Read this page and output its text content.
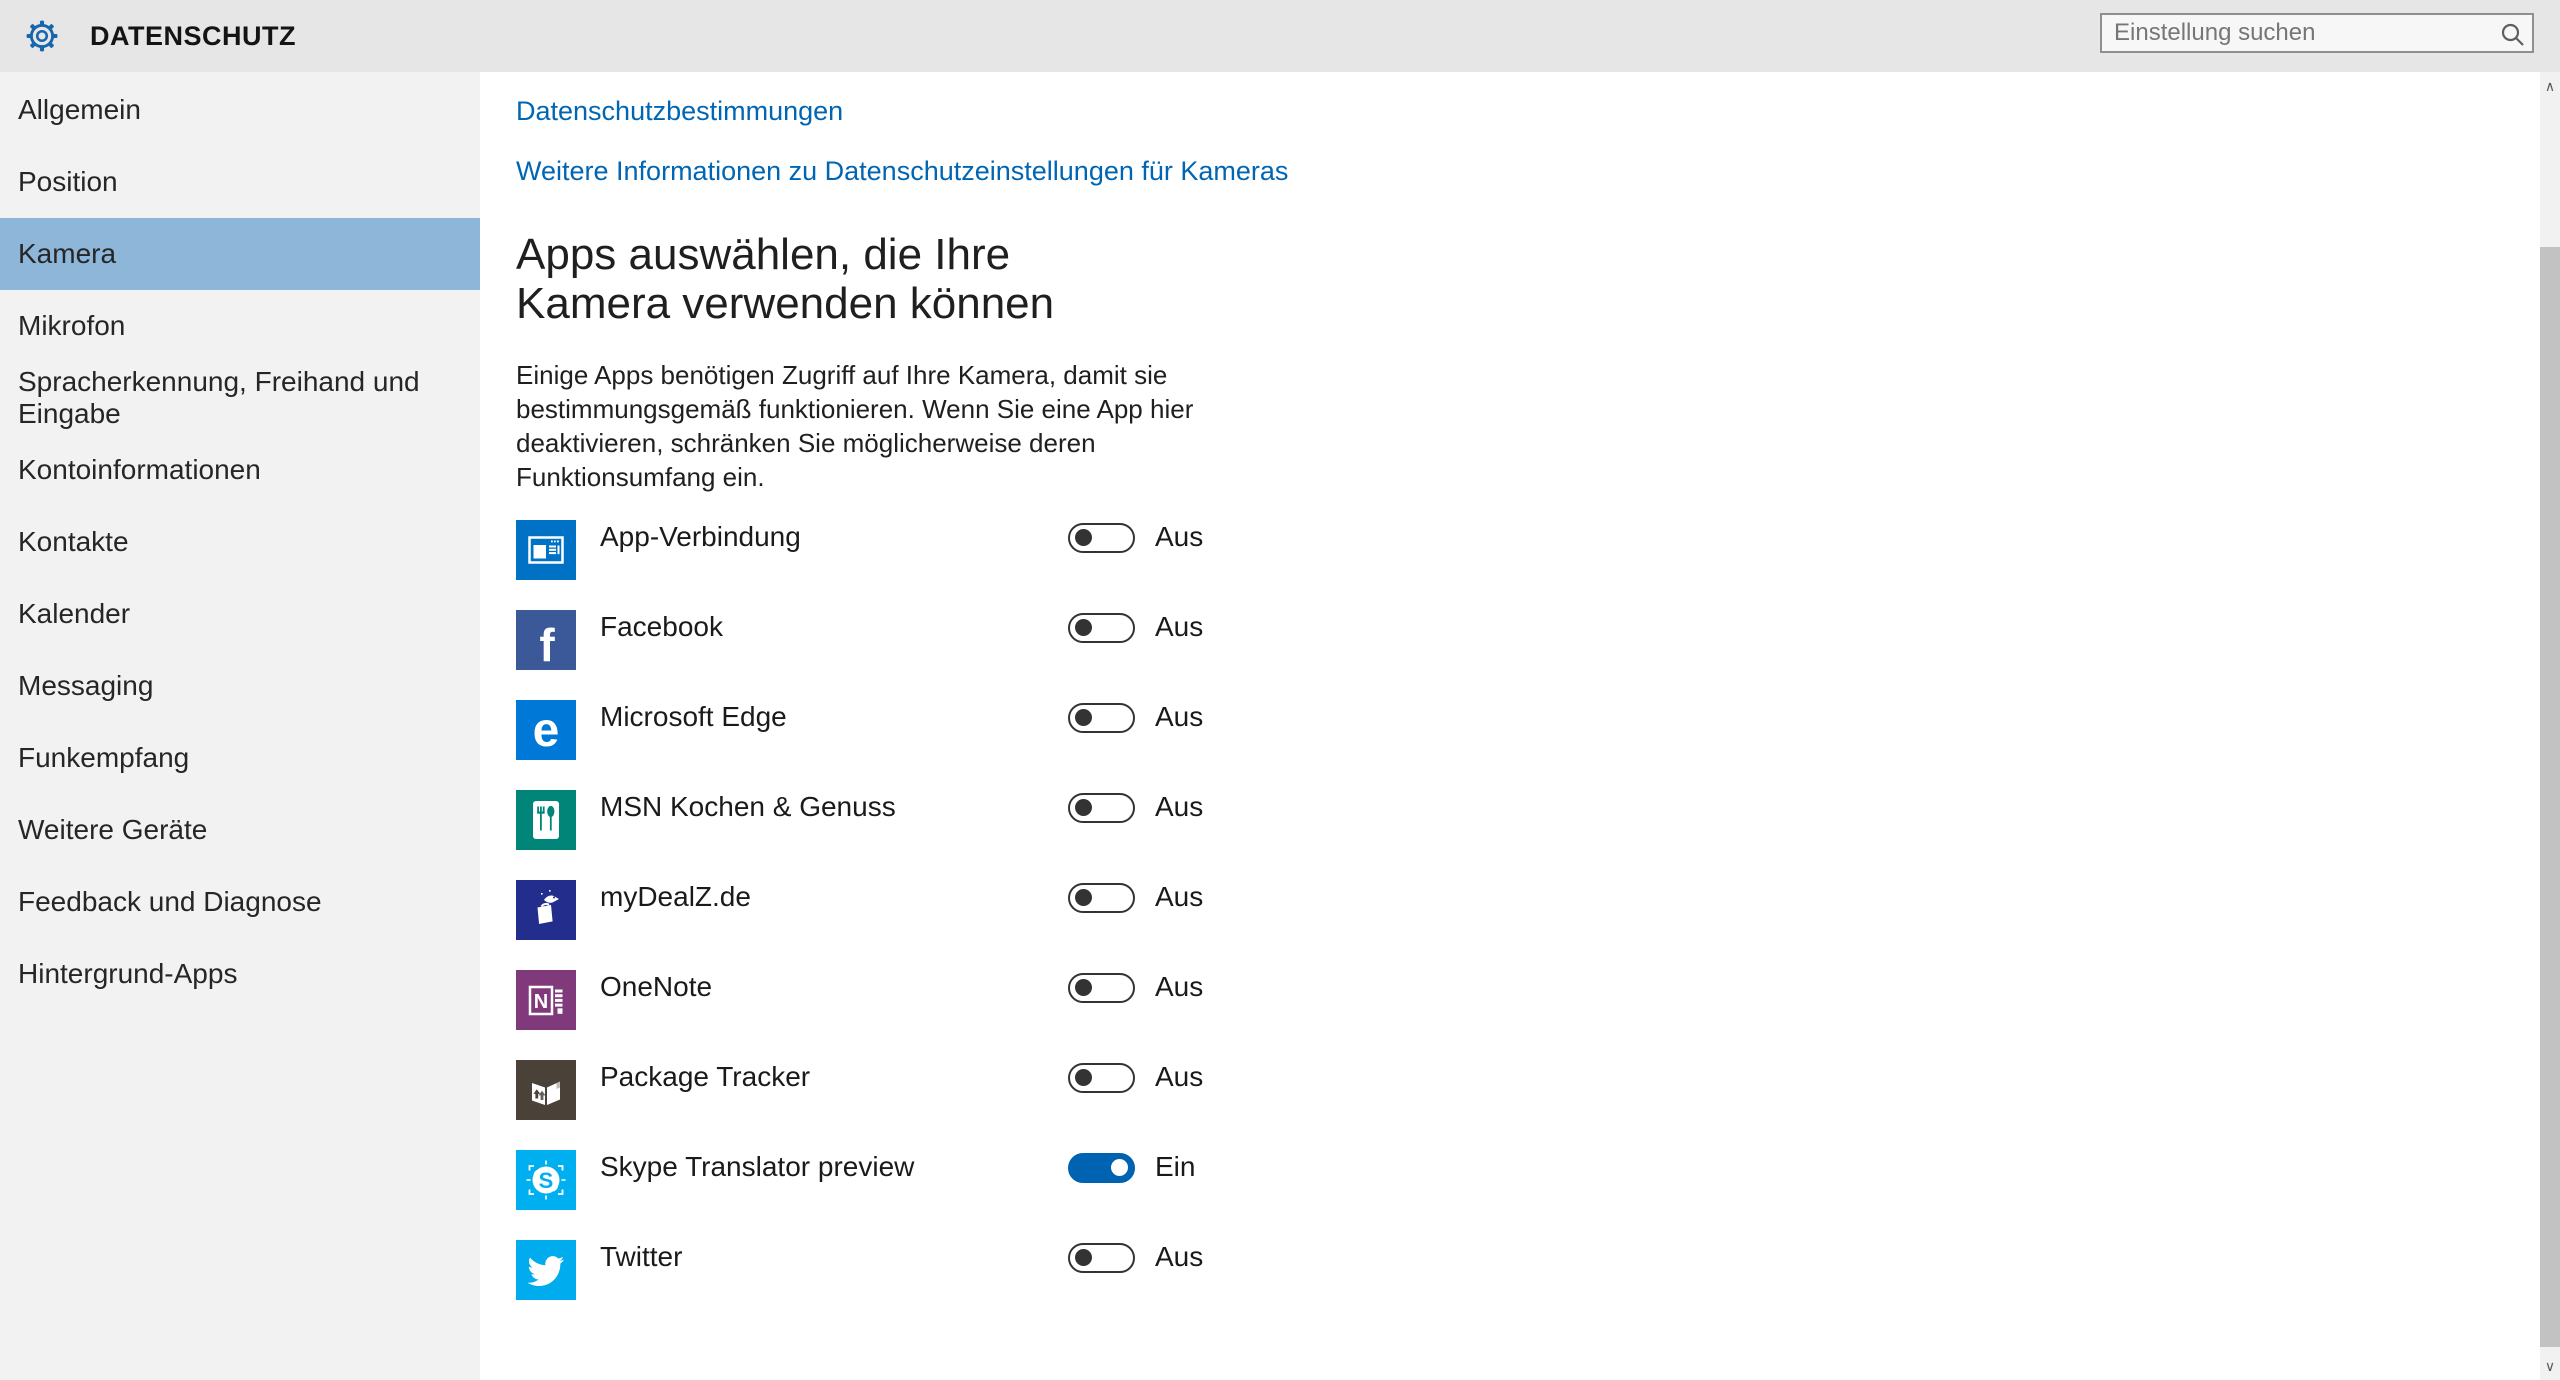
DATENSCHUTZ
Einstellung suchen
Allgemein
Position
Kamera
Mikrofon
Spracherkennung, Freihand und Eingabe
Kontoinformationen
Kontakte
Kalender
Messaging
Funkempfang
Weitere Geräte
Feedback und Diagnose
Hintergrund-Apps
Datenschutzbestimmungen
Weitere Informationen zu Datenschutzeinstellungen für Kameras
Apps auswählen, die Ihre Kamera verwenden können

Einige Apps benötigen Zugriff auf Ihre Kamera, damit sie bestimmungsgemäß funktionieren. Wenn Sie eine App hier deaktivieren, schränken Sie möglicherweise deren Funktionsumfang ein.

App-Verbindung	Aus
Facebook	Aus
Microsoft Edge	Aus
MSN Kochen & Genuss	Aus
myDealZ.de	Aus
OneNote	Aus
Package Tracker	Aus
Skype Translator preview	Ein
Twitter	Aus
∧
∨
